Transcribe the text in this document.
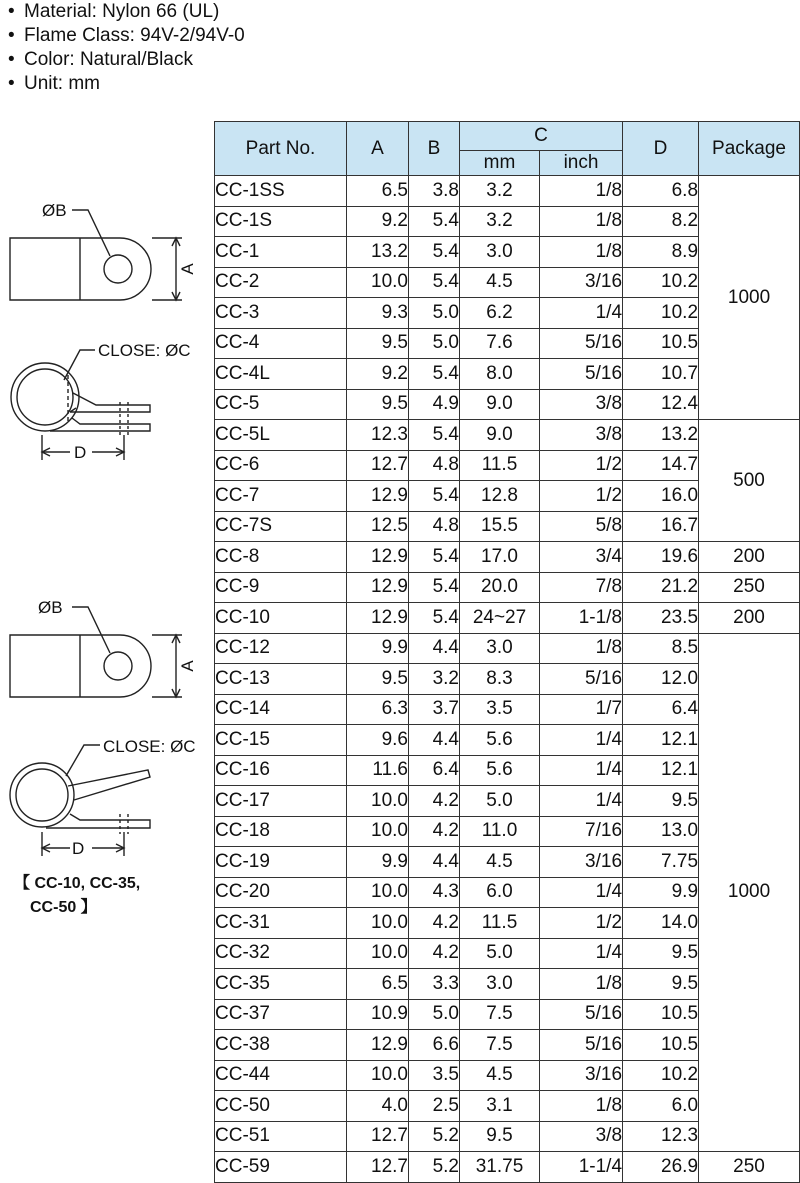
• Material: Nylon 66 (UL)
• Flame Class: 94V-2/94V-0
• Color: Natural/Black
• Unit: mm
ØB
A
CLOSE: ØC
D
ØB
A
CLOSE: ØC
D
【 CC-10, CC-35,
CC-50 】
Part No.	A	B	C		D	Package
			mm	inch		
CC-1SS	6.5	3.8	3.2	1/8	6.8	1000
CC-1S	9.2	5.4	3.2	1/8	8.2	
CC-1	13.2	5.4	3.0	1/8	8.9	
CC-2	10.0	5.4	4.5	3/16	10.2	
CC-3	9.3	5.0	6.2	1/4	10.2	
CC-4	9.5	5.0	7.6	5/16	10.5	
CC-4L	9.2	5.4	8.0	5/16	10.7	
CC-5	9.5	4.9	9.0	3/8	12.4	
CC-5L	12.3	5.4	9.0	3/8	13.2	500
CC-6	12.7	4.8	11.5	1/2	14.7	
CC-7	12.9	5.4	12.8	1/2	16.0	
CC-7S	12.5	4.8	15.5	5/8	16.7	
CC-8	12.9	5.4	17.0	3/4	19.6	200
CC-9	12.9	5.4	20.0	7/8	21.2	250
CC-10	12.9	5.4	24~27	1-1/8	23.5	200
CC-12	9.9	4.4	3.0	1/8	8.5	1000
CC-13	9.5	3.2	8.3	5/16	12.0	
CC-14	6.3	3.7	3.5	1/7	6.4	
CC-15	9.6	4.4	5.6	1/4	12.1	
CC-16	11.6	6.4	5.6	1/4	12.1	
CC-17	10.0	4.2	5.0	1/4	9.5	
CC-18	10.0	4.2	11.0	7/16	13.0	
CC-19	9.9	4.4	4.5	3/16	7.75	
CC-20	10.0	4.3	6.0	1/4	9.9	
CC-31	10.0	4.2	11.5	1/2	14.0	
CC-32	10.0	4.2	5.0	1/4	9.5	
CC-35	6.5	3.3	3.0	1/8	9.5	
CC-37	10.9	5.0	7.5	5/16	10.5	
CC-38	12.9	6.6	7.5	5/16	10.5	
CC-44	10.0	3.5	4.5	3/16	10.2	
CC-50	4.0	2.5	3.1	1/8	6.0	
CC-51	12.7	5.2	9.5	3/8	12.3	
CC-59	12.7	5.2	31.75	1-1/4	26.9	250
